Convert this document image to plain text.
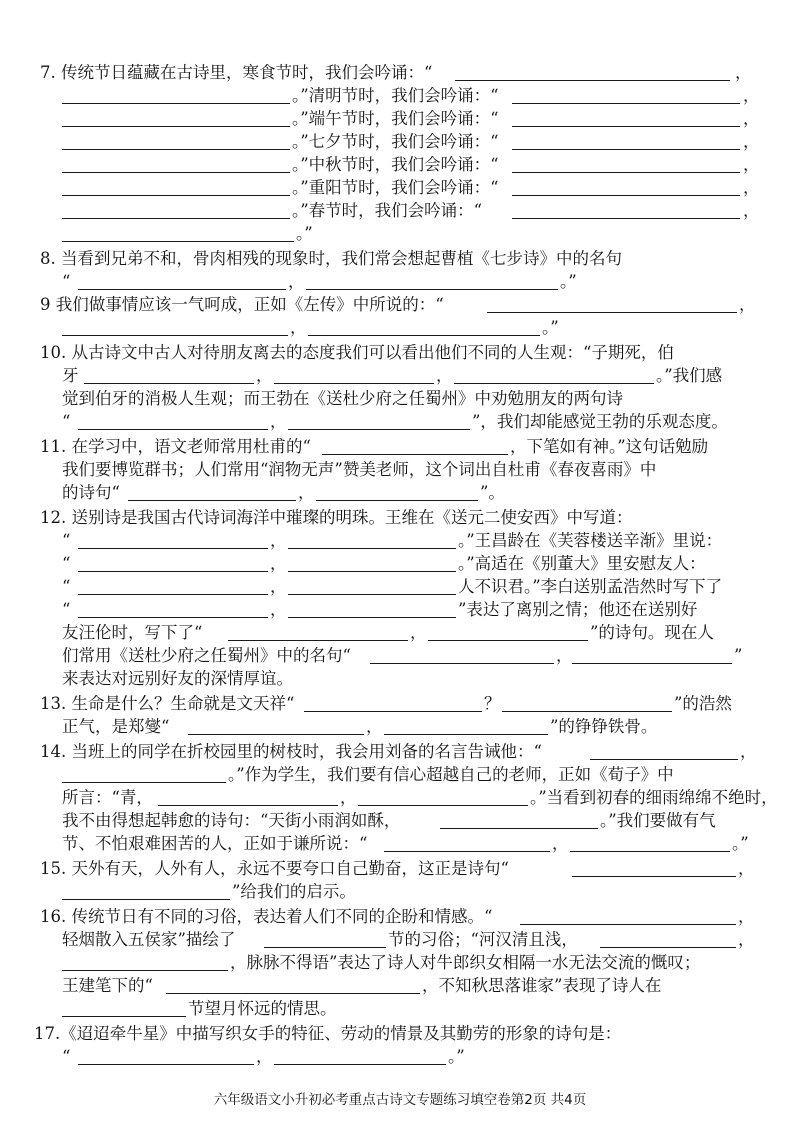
7. 传统节日蕴藏在古诗里，寒食节时，我们会吟诵：“	，
。”清明节时，我们会吟诵：“	，
。”端午节时，我们会吟诵：“	，
。”七夕节时，我们会吟诵：“	，
。”中秋节时，我们会吟诵：“	，
。”重阳节时，我们会吟诵：“	，
。”春节时，我们会吟诵：“	，
。”
8. 当看到兄弟不和，骨肉相残的现象时，我们常会想起曹植《七步诗》中的名句
“	，	。”
9 我们做事情应该一气呵成，正如《左传》中所说的：“	，
，	。”
10. 从古诗文中古人对待朋友离去的态度我们可以看出他们不同的人生观：“子期死，伯
牙	，	，	。”我们感
觉到伯牙的消极人生观；而王勃在《送杜少府之任蜀州》中劝勉朋友的两句诗
“	，	”，我们却能感觉王勃的乐观态度。
11. 在学习中，语文老师常用杜甫的“	，下笔如有神。”这句话勉励
我们要博览群书；人们常用“润物无声”赞美老师，这个词出自杜甫《春夜喜雨》中
的诗句“	，	”。
12. 送别诗是我国古代诗词海洋中璀璨的明珠。王维在《送元二使安西》中写道：
“	，	。”王昌龄在《芙蓉楼送辛渐》里说：
“	，	。”高适在《别董大》里安慰友人：
“	，	人不识君。”李白送别孟浩然时写下了
“	，	”表达了离别之情；他还在送别好
友汪伦时，写下了“	，	”的诗句。现在人
们常用《送杜少府之任蜀州》中的名句“	，	”
来表达对远别好友的深情厚谊。
13. 生命是什么？生命就是文天祥“	？	”的浩然
正气，是郑燮“	，	”的铮铮铁骨。
14. 当班上的同学在折校园里的树枝时，我会用刘备的名言告诫他：“	，
。”作为学生，我们要有信心超越自己的老师，正如《荀子》中
所言：“青，	，	。”当看到初春的细雨绵绵不绝时，
我不由得想起韩愈的诗句：“天街小雨润如酥，	。”我们要做有气
节、不怕艰难困苦的人，正如于谦所说：“	，	。”
15. 天外有天，人外有人，永远不要夸口自己勤奋，这正是诗句“	，
”给我们的启示。
16. 传统节日有不同的习俗，表达着人们不同的企盼和情感。“	，
轻烟散入五侯家”描绘了	节的习俗；“河汉清且浅，	，
，脉脉不得语”表达了诗人对牛郎织女相隔一水无法交流的慨叹；
王建笔下的“	，不知秋思落谁家”表现了诗人在
节望月怀远的情思。
17.《迢迢牵牛星》中描写织女手的特征、劳动的情景及其勤劳的形象的诗句是：
“	，	。”
六年级语文小升初必考重点古诗文专题练习填空卷第2页 共4页
